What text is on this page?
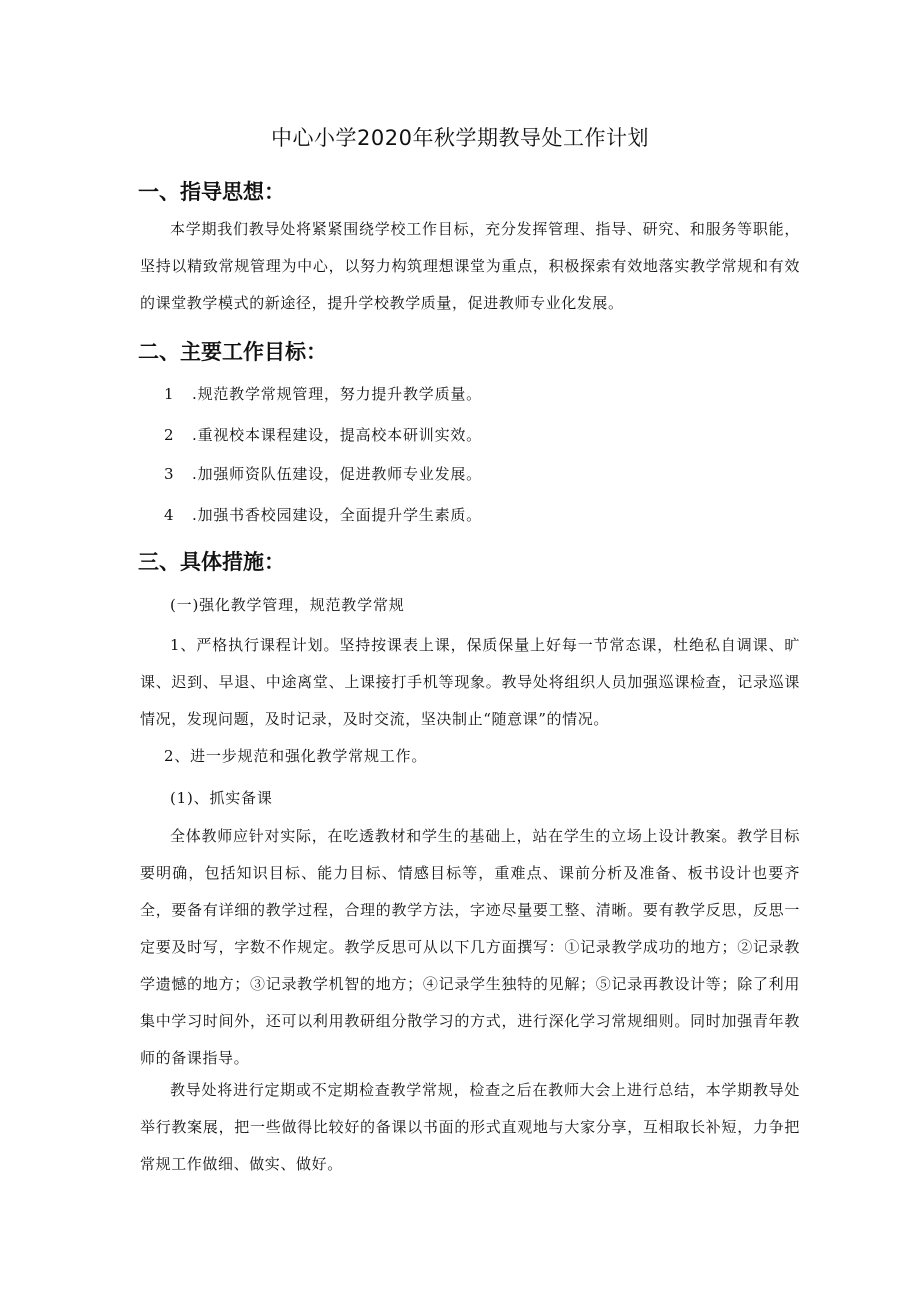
中心小学2020年秋学期教导处工作计划
一、指导思想：
本学期我们教导处将紧紧围绕学校工作目标，充分发挥管理、指导、研究、和服务等职能，坚持以精致常规管理为中心，以努力构筑理想课堂为重点，积极探索有效地落实教学常规和有效的课堂教学模式的新途径，提升学校教学质量，促进教师专业化发展。
二、主要工作目标：
1 .规范教学常规管理，努力提升教学质量。
2 .重视校本课程建设，提高校本研训实效。
3 .加强师资队伍建设，促进教师专业发展。
4 .加强书香校园建设，全面提升学生素质。
三、具体措施：
(一)强化教学管理，规范教学常规
1、严格执行课程计划。坚持按课表上课，保质保量上好每一节常态课，杜绝私自调课、旷课、迟到、早退、中途离堂、上课接打手机等现象。教导处将组织人员加强巡课检查，记录巡课情况，发现问题，及时记录，及时交流，坚决制止“随意课”的情况。
2、进一步规范和强化教学常规工作。
(1)、抓实备课
全体教师应针对实际，在吃透教材和学生的基础上，站在学生的立场上设计教案。教学目标要明确，包括知识目标、能力目标、情感目标等，重难点、课前分析及准备、板书设计也要齐全，要备有详细的教学过程，合理的教学方法，字迹尽量要工整、清晰。要有教学反思，反思一定要及时写，字数不作规定。教学反思可从以下几方面撰写：①记录教学成功的地方；②记录教学遗憾的地方；③记录教学机智的地方；④记录学生独特的见解；⑤记录再教设计等；除了利用集中学习时间外，还可以利用教研组分散学习的方式，进行深化学习常规细则。同时加强青年教师的备课指导。
教导处将进行定期或不定期检查教学常规，检查之后在教师大会上进行总结，本学期教导处举行教案展，把一些做得比较好的备课以书面的形式直观地与大家分享，互相取长补短，力争把常规工作做细、做实、做好。
